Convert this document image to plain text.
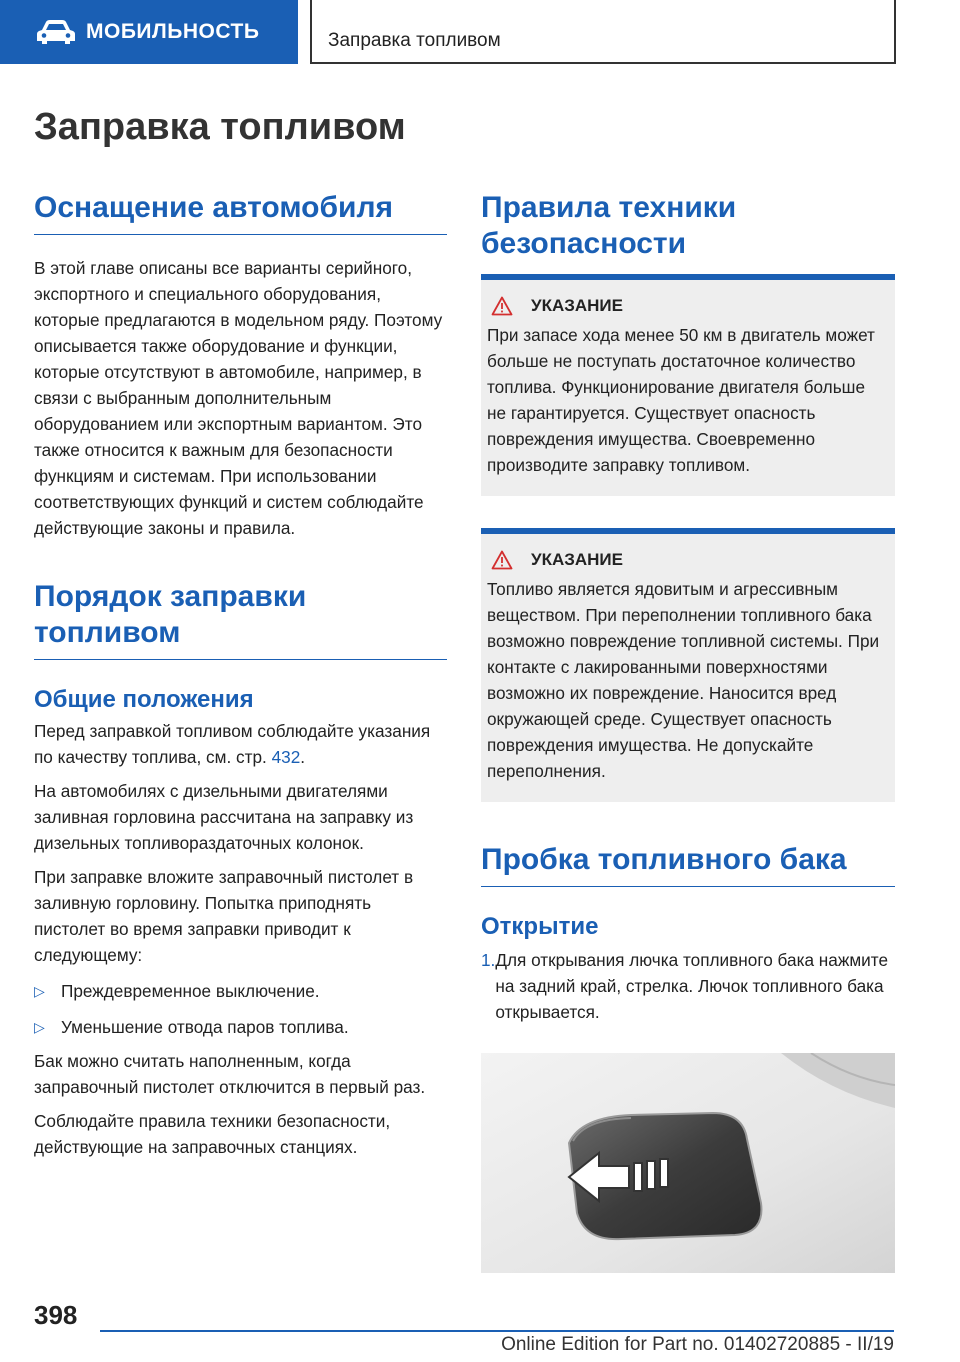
МОБИЛЬНОСТЬ	Заправка топливом
Заправка топливом
Оснащение автомобиля

В этой главе описаны все варианты серийного, экспортного и специального оборудования, которые предлагаются в модельном ряду. Поэтому описывается также оборудование и функции, которые отсутствуют в автомобиле, например, в связи с выбранным дополнительным оборудованием или экспортным вариантом. Это также относится к важным для безопасности функциям и системам. При использовании соответствующих функций и систем соблюдайте действующие законы и правила.

Порядок заправки топливом
Общие положения

Перед заправкой топливом соблюдайте указания по качеству топлива, см. стр. 432.

На автомобилях с дизельными двигателями заливная горловина рассчитана на заправку из дизельных топливораздаточных колонок.

При заправке вложите заправочный пистолет в заливную горловину. Попытка приподнять пистолет во время заправки приводит к следующему:

▷ Преждевременное выключение.

▷ Уменьшение отвода паров топлива.

Бак можно считать наполненным, когда заправочный пистолет отключится в первый раз.

Соблюдайте правила техники безопасности, действующие на заправочных станциях.

Правила техники безопасности
УКАЗАНИЕ

При запасе хода менее 50 км в двигатель может больше не поступать достаточное количество топлива. Функционирование двигателя больше не гарантируется. Существует опасность повреждения имущества. Своевременно производите заправку топливом.

УКАЗАНИЕ

Топливо является ядовитым и агрессивным веществом. При переполнении топливного бака возможно повреждение топливной системы. При контакте с лакированными поверхностями возможно их повреждение. Наносится вред окружающей среде. Существует опасность повреждения имущества. Не допускайте переполнения.

Пробка топливного бака
Открытие
1. Для открывания лючка топливного бака нажмите на задний край, стрелка. Лючок топливного бака открывается.

398
Online Edition for Part no. 01402720885 - II/19
